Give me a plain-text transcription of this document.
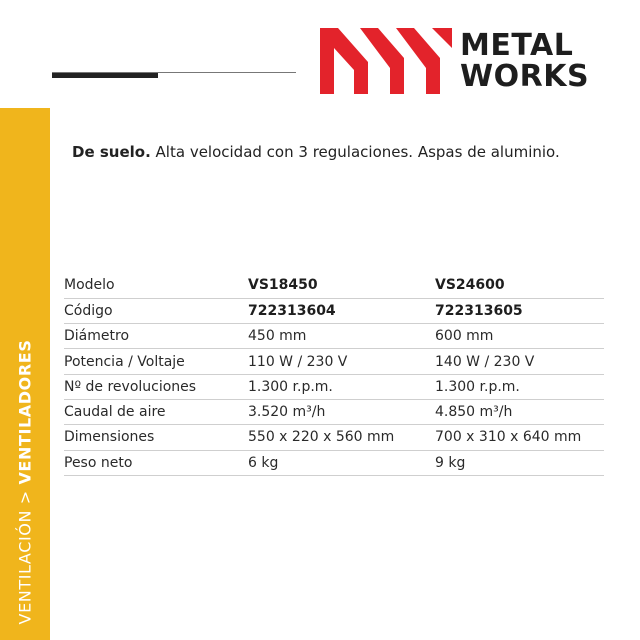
METAL
WORKS
VENTILACIÓN > VENTILADORES

De suelo. Alta velocidad con 3 regulaciones. Aspas de aluminio.

Modelo	VS18450	VS24600
Código	722313604	722313605
Diámetro	450 mm	600 mm
Potencia / Voltaje	110 W / 230 V	140 W / 230 V
Nº de revoluciones	1.300 r.p.m.	1.300 r.p.m.
Caudal de aire	3.520 m³/h	4.850 m³/h
Dimensiones	550 x 220 x 560 mm	700 x 310 x 640 mm
Peso neto	6 kg	9 kg
